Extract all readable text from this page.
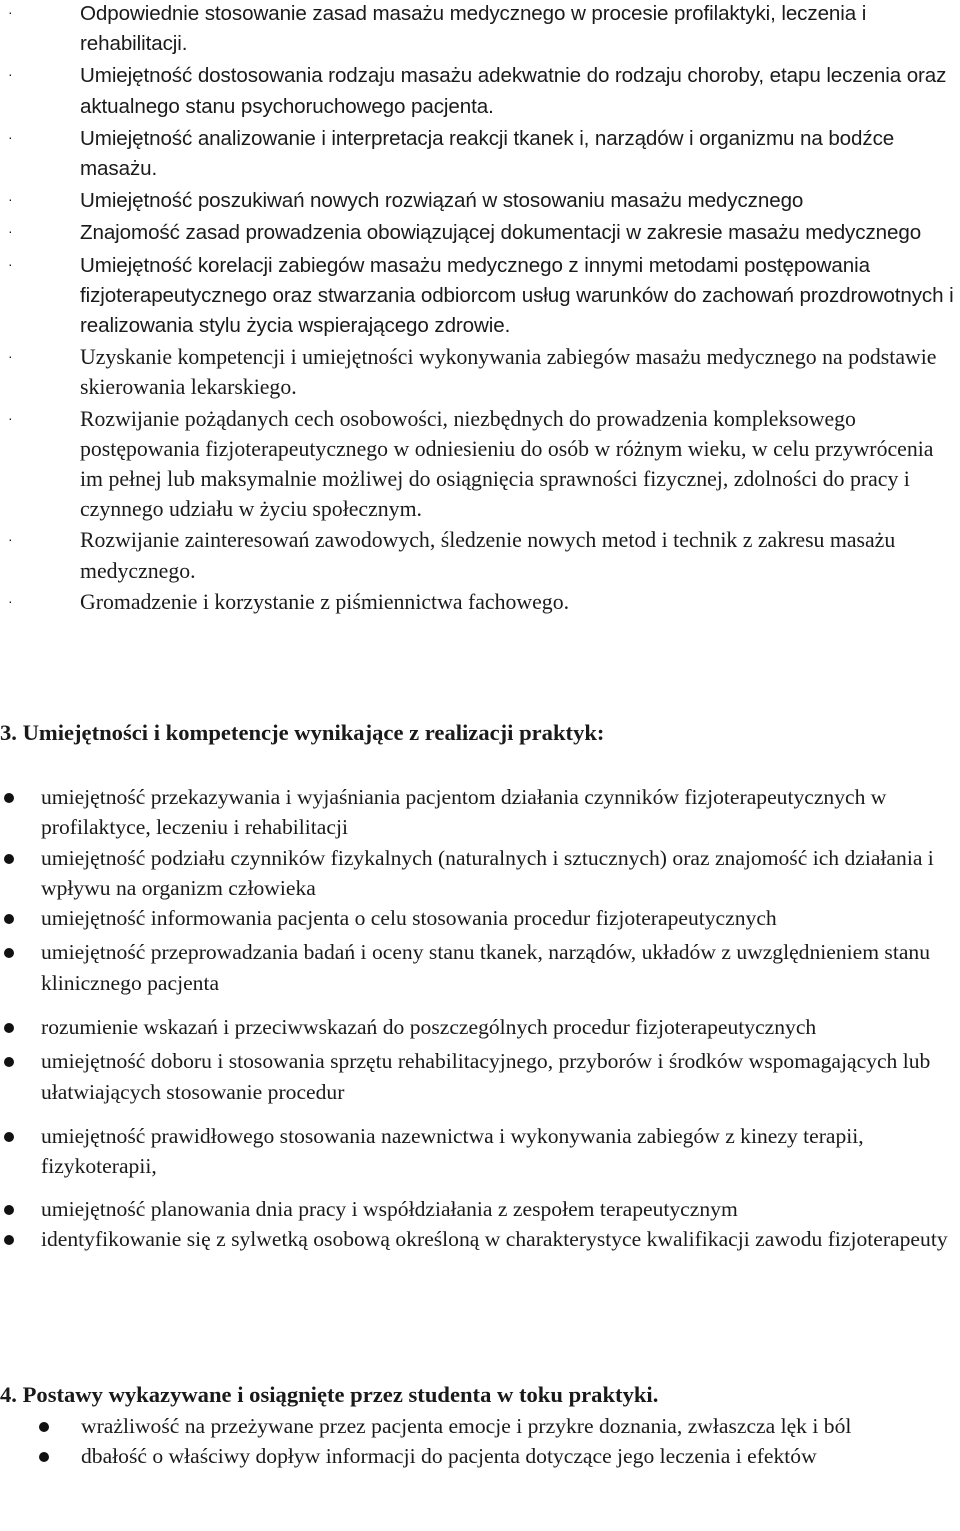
·	Odpowiednie stosowanie zasad masażu medycznego w procesie profilaktyki, leczenia i rehabilitacji.
·	Umiejętność dostosowania rodzaju masażu adekwatnie do rodzaju choroby, etapu leczenia oraz aktualnego stanu psychoruchowego pacjenta.
·	Umiejętność analizowanie i interpretacja reakcji tkanek i, narządów i organizmu na bodźce masażu.
·	Umiejętność poszukiwań nowych rozwiązań w stosowaniu masażu medycznego
·	Znajomość zasad prowadzenia obowiązującej dokumentacji w zakresie masażu medycznego
·	Umiejętność korelacji zabiegów masażu medycznego z innymi metodami postępowania fizjoterapeutycznego oraz stwarzania odbiorcom usług warunków do zachowań prozdrowotnych i realizowania stylu życia wspierającego zdrowie.
·	Uzyskanie kompetencji i umiejętności wykonywania zabiegów masażu medycznego na podstawie skierowania lekarskiego.
·	Rozwijanie pożądanych cech osobowości, niezbędnych do prowadzenia kompleksowego postępowania fizjoterapeutycznego w odniesieniu do osób w różnym wieku, w celu przywrócenia im pełnej lub maksymalnie możliwej do osiągnięcia sprawności fizycznej, zdolności do pracy i czynnego udziału w życiu społecznym.
·	Rozwijanie zainteresowań zawodowych, śledzenie nowych metod i technik z zakresu masażu medycznego.
·	Gromadzenie i korzystanie z piśmiennictwa fachowego.
3. Umiejętności i kompetencje wynikające z realizacji praktyk:
umiejętność przekazywania i wyjaśniania pacjentom działania czynników fizjoterapeutycznych w profilaktyce, leczeniu i rehabilitacji
umiejętność podziału czynników fizykalnych (naturalnych i sztucznych) oraz znajomość ich działania i wpływu na organizm człowieka
umiejętność informowania pacjenta o celu stosowania procedur fizjoterapeutycznych
umiejętność przeprowadzania badań i oceny stanu tkanek, narządów, układów z uwzględnieniem stanu klinicznego pacjenta
rozumienie wskazań i przeciwwskazań do poszczególnych procedur fizjoterapeutycznych
umiejętność doboru i stosowania sprzętu rehabilitacyjnego, przyborów i środków wspomagających lub ułatwiających stosowanie procedur
umiejętność prawidłowego stosowania nazewnictwa i wykonywania zabiegów z kinezy terapii, fizykoterapii,
umiejętność planowania dnia pracy i współdziałania z zespołem terapeutycznym
identyfikowanie się z sylwetką osobową określoną w charakterystyce kwalifikacji zawodu fizjoterapeuty
4. Postawy wykazywane i osiągnięte przez studenta w toku praktyki.
wrażliwość na przeżywane przez pacjenta emocje i przykre doznania, zwłaszcza lęk i ból
dbałość o właściwy dopływ informacji do pacjenta dotyczące jego leczenia i efektów
